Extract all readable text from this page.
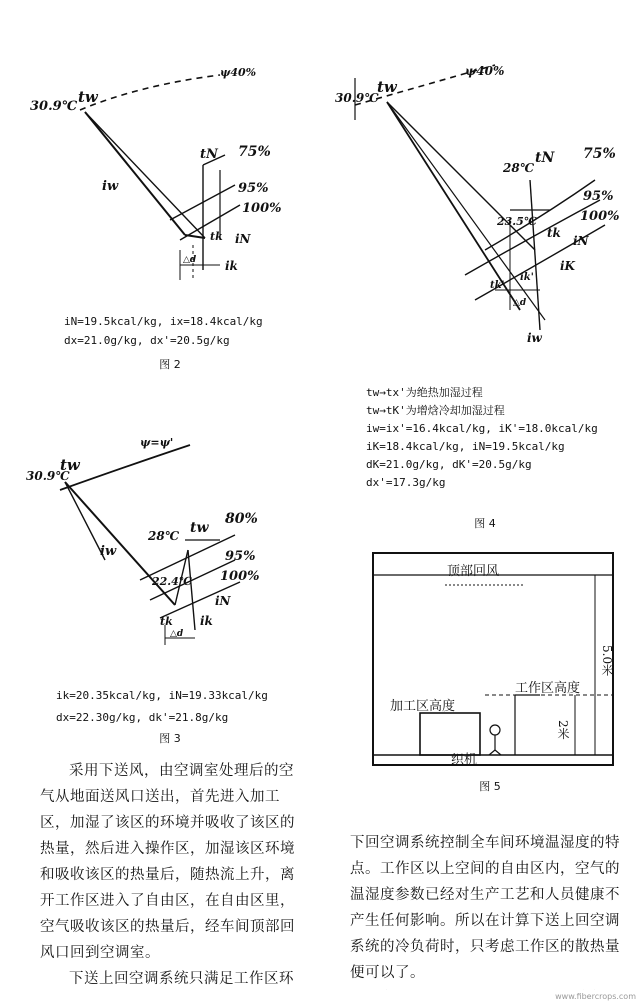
30.9℃
tw
ψ40%
iw
tN 75%
95%
100%
tk iN
ik
△d
iN=19.5kcal/kg, ix=18.4kcal/kg
dx=21.0g/kg, dx'=20.5g/kg
图 2
30.9℃
tw
ψ=ψ'
iw
28℃ tw
80%
95%
100%
22.4℃
tk ik
iN
△d
ik=20.35kcal/kg, iN=19.33kcal/kg
dx=22.30g/kg, dk'=21.8g/kg
图 3
30.9℃
tw
ψ40%
28℃
tN 75%
95%
100%
23.5℃
tk
iN
iK
ik'
tk'
△d
iw
tw→tx'为绝热加湿过程
tw→tK'为增焓冷却加湿过程
iw=ix'=16.4kcal/kg, iK'=18.0kcal/kg
iK=18.4kcal/kg, iN=19.5kcal/kg
dK=21.0g/kg, dK'=20.5g/kg
dx'=17.3g/kg
图 4
顶部回风
加工区高度
工作区高度
织机
2米
5.0米
图 5

采用下送风，由空调室处理后的空气从地面送风口送出，首先进入加工区，加湿了该区的环境并吸收了该区的热量，然后进入操作区，加湿该区环境和吸收该区的热量后，随热流上升，离开工作区进入了自由区，在自由区里，空气吸收该区的热量后，经车间顶部回风口回到空调室。

下送上回空调系统只满足工作区环

下回空调系统控制全车间环境温湿度的特点。工作区以上空间的自由区内，空气的温湿度参数已经对生产工艺和人员健康不产生任何影响。所以在计算下送上回空调系统的冷负荷时，只考虑工作区的散热量便可以了。

www.fibercrops.com
